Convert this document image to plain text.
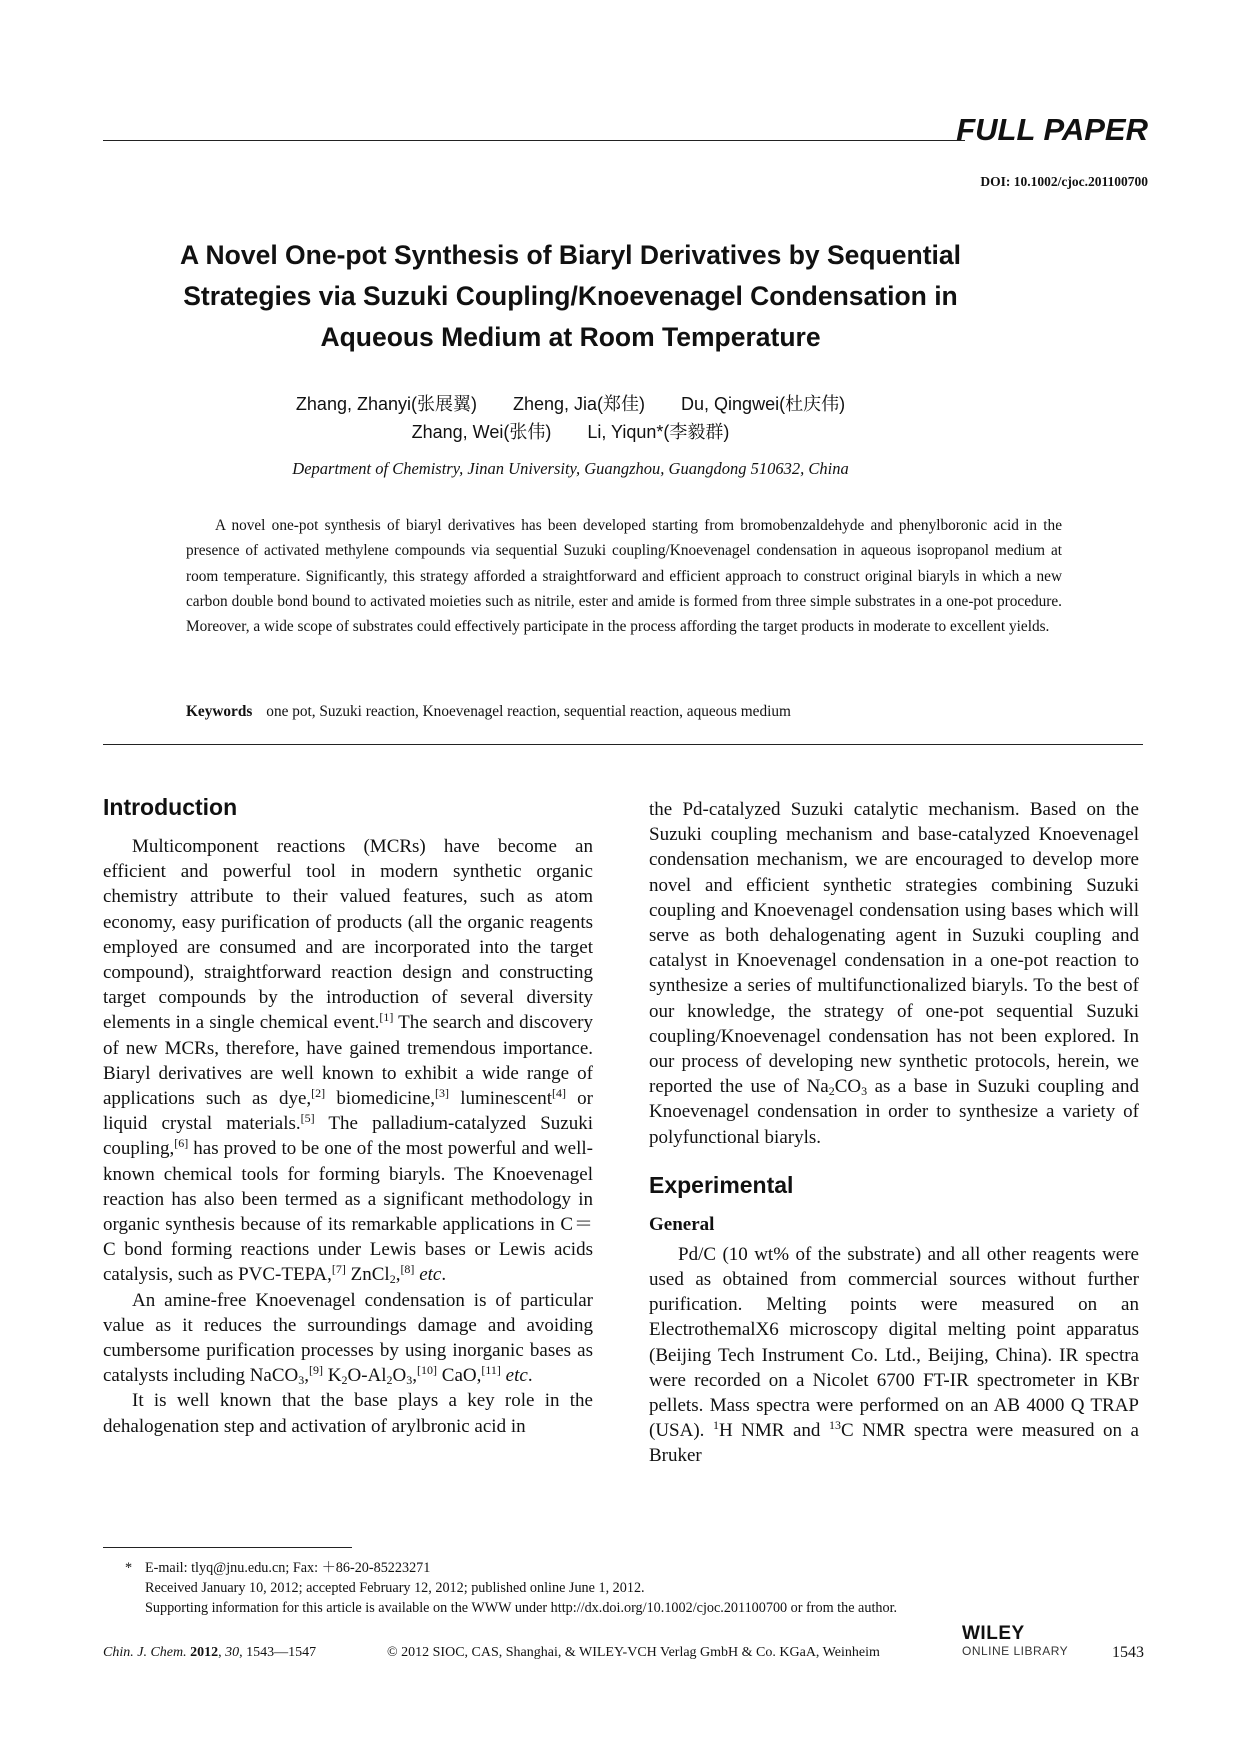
FULL PAPER
DOI: 10.1002/cjoc.201100700
A Novel One-pot Synthesis of Biaryl Derivatives by Sequential Strategies via Suzuki Coupling/Knoevenagel Condensation in Aqueous Medium at Room Temperature
Zhang, Zhanyi(张展翼) Zheng, Jia(郑佳) Du, Qingwei(杜庆伟)
Zhang, Wei(张伟) Li, Yiqun*(李毅群)
Department of Chemistry, Jinan University, Guangzhou, Guangdong 510632, China
A novel one-pot synthesis of biaryl derivatives has been developed starting from bromobenzaldehyde and phenylboronic acid in the presence of activated methylene compounds via sequential Suzuki coupling/Knoevenagel condensation in aqueous isopropanol medium at room temperature. Significantly, this strategy afforded a straightforward and efficient approach to construct original biaryls in which a new carbon double bond bound to activated moieties such as nitrile, ester and amide is formed from three simple substrates in a one-pot procedure. Moreover, a wide scope of substrates could effectively participate in the process affording the target products in moderate to excellent yields.
Keywords one pot, Suzuki reaction, Knoevenagel reaction, sequential reaction, aqueous medium
Introduction

Multicomponent reactions (MCRs) have become an efficient and powerful tool in modern synthetic organic chemistry attribute to their valued features, such as atom economy, easy purification of products (all the organic reagents employed are consumed and are incorporated into the target compound), straightforward reaction design and constructing target compounds by the introduction of several diversity elements in a single chemical event.[1] The search and discovery of new MCRs, therefore, have gained tremendous importance. Biaryl derivatives are well known to exhibit a wide range of applications such as dye,[2] biomedicine,[3] luminescent[4] or liquid crystal materials.[5] The palladium-catalyzed Suzuki coupling,[6] has proved to be one of the most powerful and well-known chemical tools for forming biaryls. The Knoevenagel reaction has also been termed as a significant methodology in organic synthesis because of its remarkable applications in C＝C bond forming reactions under Lewis bases or Lewis acids catalysis, such as PVC-TEPA,[7] ZnCl$_2$,[8] etc.

An amine-free Knoevenagel condensation is of particular value as it reduces the surroundings damage and avoiding cumbersome purification processes by using inorganic bases as catalysts including NaCO$_3$,[9] $K_2O-Al_2O_3,[10]$ CaO,[11] etc.

It is well known that the base plays a key role in the dehalogenation step and activation of arylbronic acid in

the Pd-catalyzed Suzuki catalytic mechanism. Based on the Suzuki coupling mechanism and base-catalyzed Knoevenagel condensation mechanism, we are encouraged to develop more novel and efficient synthetic strategies combining Suzuki coupling and Knoevenagel condensation using bases which will serve as both dehalogenating agent in Suzuki coupling and catalyst in Knoevenagel condensation in a one-pot reaction to synthesize a series of multifunctionalized biaryls. To the best of our knowledge, the strategy of one-pot sequential Suzuki coupling/Knoevenagel condensation has not been explored. In our process of developing new synthetic protocols, herein, we reported the use of $Na_2CO_3$ as a base in Suzuki coupling and Knoevenagel condensation in order to synthesize a variety of polyfunctional biaryls.

Experimental
General

Pd/C (10 wt% of the substrate) and all other reagents were used as obtained from commercial sources without further purification. Melting points were measured on an ElectrothemalX6 microscopy digital melting point apparatus (Beijing Tech Instrument Co. Ltd., Beijing, China). IR spectra were recorded on a Nicolet 6700 FT-IR spectrometer in KBr pellets. Mass spectra were performed on an AB 4000 Q TRAP (USA). $^1$H NMR and $^{13}$C NMR spectra were measured on a Bruker

* E-mail: tlyq@jnu.edu.cn; Fax: ＋86-20-85223271
Received January 10, 2012; accepted February 12, 2012; published online June 1, 2012.
Supporting information for this article is available on the WWW under http://dx.doi.org/10.1002/cjoc.201100700 or from the author.
Chin. J. Chem. 2012, 30, 1543—1547	© 2012 SIOC, CAS, Shanghai, & WILEY-VCH Verlag GmbH & Co. KGaA, Weinheim
WILEY
ONLINE LIBRARY	1543
